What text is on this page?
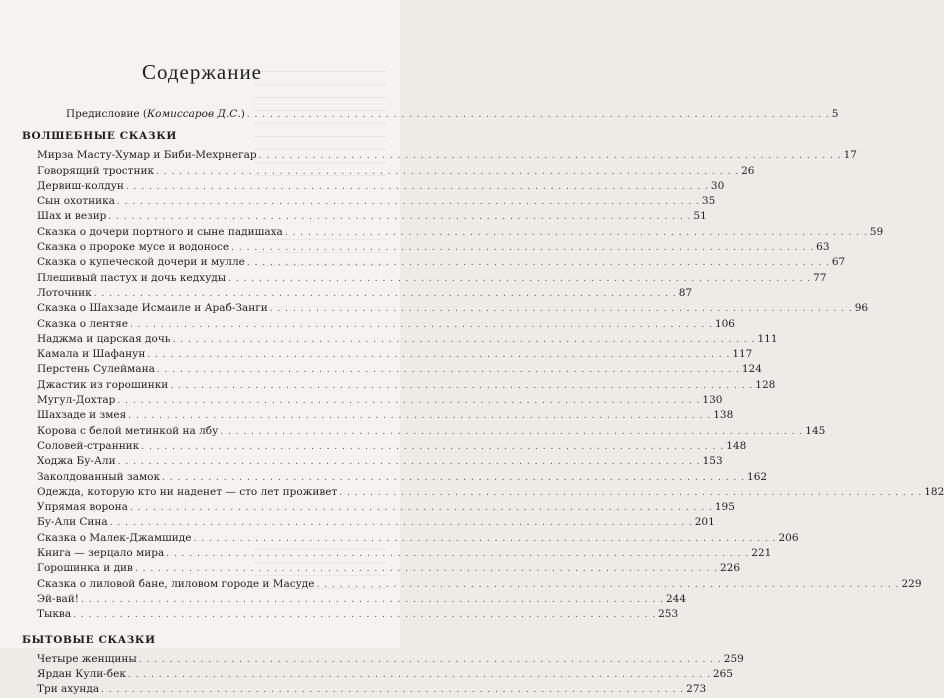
Содержание
Предисловие (Комиссаров Д.С.) . . .	5
ВОЛШЕБНЫЕ СКАЗКИ
Мирза Масту-Хумар и Биби-Мехрнегар . . .	17
Говорящий тростник . . .	26
Дервиш-колдун . . .	30
Сын охотника . . .	35
Шах и везир . . .	51
Сказка о дочери портного и сыне падишаха . . .	59
Сказка о пророке мусе и водоносе . . .	63
Сказка о купеческой дочери и мулле . . .	67
Плешивый пастух и дочь кедхуды . . .	77
Лоточник . . .	87
Сказка о Шахзаде Исмаиле и Араб-Занги . . .	96
Сказка о лентяе . . .	106
Наджма и царская дочь . . .	111
Камала и Шафанун . . .	117
Перстень Сулеймана . . .	124
Джастик из горошинки . . .	128
Мугул-Дохтар . . .	130
Шахзаде и змея . . .	138
Корова с белой метинкой на лбу . . .	145
Соловей-странник . . .	148
Ходжа Бу-Али . . .	153
Заколдованный замок . . .	162
Одежда, которую кто ни наденет — сто лет проживет . . .	182
Упрямая ворона . . .	195
Бу-Али Сина . . .	201
Сказка о Малек-Джамшиде . . .	206
Книга — зерцало мира . . .	221
Горошинка и див . . .	226
Сказка о лиловой бане, лиловом городе и Масуде . . .	229
Эй-вай! . . .	244
Тыква . . .	253
БЫТОВЫЕ СКАЗКИ
Четыре женщины . . .	259
Ярдан Кули-бек . . .	265
Три ахунда . . .	273
